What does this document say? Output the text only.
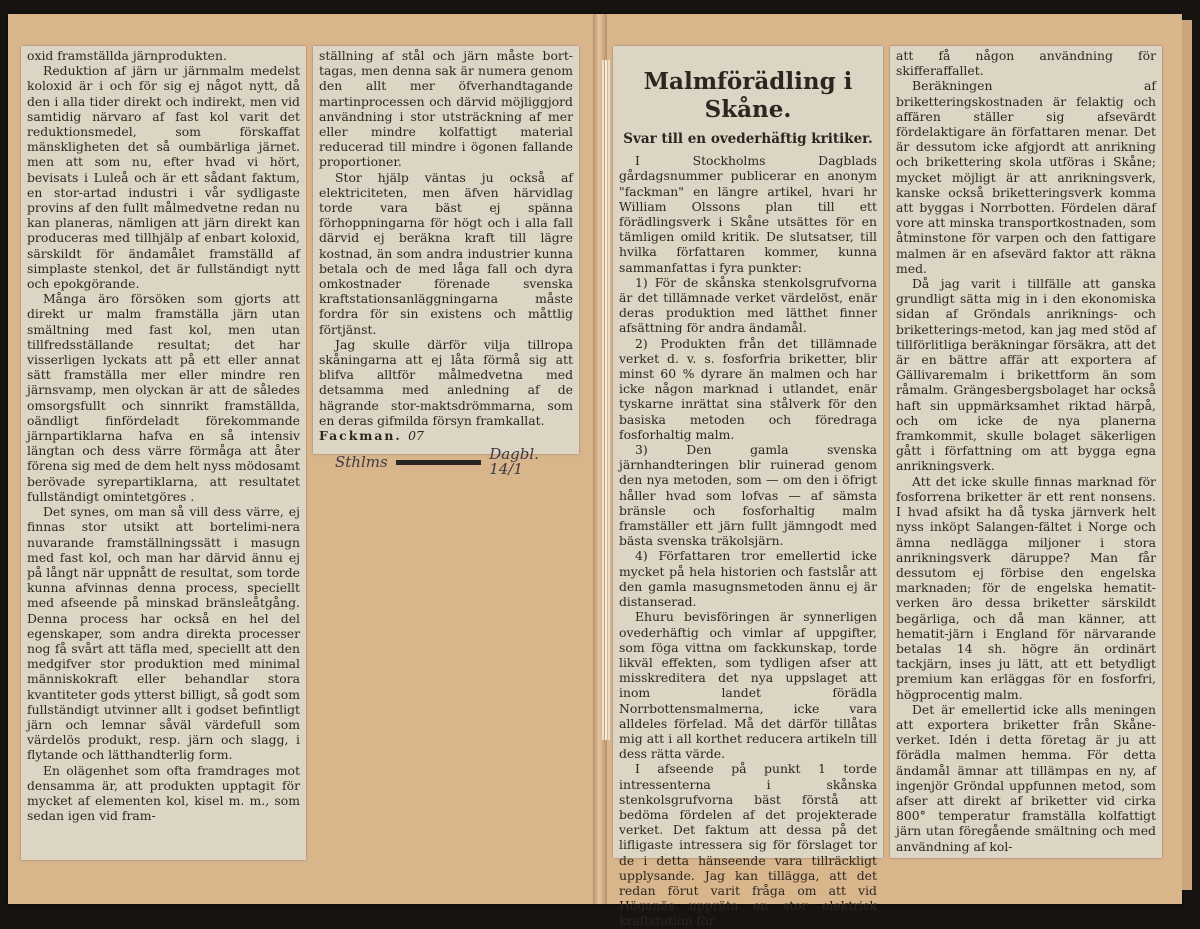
oxid framställda järnprodukten.

Reduktion af järn ur järnmalm medelst koloxid är i och för sig ej något nytt, då den i alla tider direkt och indirekt, men vid samtidig närvaro af fast kol varit det reduktionsmedel, som förskaffat mänskligheten det så oumbärliga järnet. men att som nu, efter hvad vi hört, bevisats i Luleå och är ett sådant faktum, en stor-artad industri i vår sydligaste provins af den fullt målmedvetne redan nu kan planeras, nämligen att järn direkt kan produceras med tillhjälp af enbart koloxid, särskildt för ändamålet framställd af simplaste stenkol, det är fullständigt nytt och epokgörande.

Många äro försöken som gjorts att direkt ur malm framställa järn utan smältning med fast kol, men utan tillfredsställande resultat; det har visserligen lyckats att på ett eller annat sätt framställa mer eller mindre ren järnsvamp, men olyckan är att de således omsorgsfullt och sinnrikt framställda, oändligt finfördeladt förekommande järnpartiklarna hafva en så intensiv längtan och dess värre förmåga att åter förena sig med de dem helt nyss mödosamt berövade syrepartiklarna, att resultatet fullständigt omintetgöres .

Det synes, om man så vill dess värre, ej finnas stor utsikt att bortelimi-nera nuvarande framställningssätt i masugn med fast kol, och man har därvid ännu ej på långt när uppnått de resultat, som torde kunna afvinnas denna process, speciellt med afseende på minskad bränsleåtgång. Denna process har också en hel del egenskaper, som andra direkta processer nog få svårt att täfla med, speciellt att den medgifver stor produktion med minimal människokraft eller behandlar stora kvantiteter gods ytterst billigt, så godt som fullständigt utvinner allt i godset befintligt järn och lemnar såväl värdefull som värdelös produkt, resp. järn och slagg, i flytande och lätthandterlig form.

En olägenhet som ofta framdrages mot densamma är, att produkten upptagit för mycket af elementen kol, kisel m. m., som sedan igen vid fram-

ställning af stål och järn måste bort-tagas, men denna sak är numera genom den allt mer öfverhandtagande martinprocessen och därvid möjliggjord användning i stor utsträckning af mer eller mindre kolfattigt material reducerad till mindre i ögonen fallande proportioner.

Stor hjälp väntas ju också af elektriciteten, men äfven härvidlag torde vara bäst ej spänna förhoppningarna för högt och i alla fall därvid ej beräkna kraft till lägre kostnad, än som andra industrier kunna betala och de med låga fall och dyra omkostnader förenade svenska kraftstationsanläggningarna måste fordra för sin existens och måttlig förtjänst.

Jag skulle därför vilja tillropa skåningarna att ej låta förmå sig att blifva alltför målmedvetna med detsamma med anledning af de hägrande stor-maktsdrömmarna, som en deras gifmilda försyn framkallat.

Fackman. 07

Sthlms	Dagbl. 14/1

Malmförädling i Skåne.

Svar till en ovederhäftig kritiker.

I Stockholms Dagblads gårdagsnummer publicerar en anonym "fackman" en längre artikel, hvari hr William Olssons plan till ett förädlingsverk i Skåne utsättes för en tämligen omild kritik. De slutsatser, till hvilka författaren kommer, kunna sammanfattas i fyra punkter:

1) För de skånska stenkolsgrufvorna är det tillämnade verket värdelöst, enär deras produktion med lätthet finner afsättning för andra ändamål.

2) Produkten från det tillämnade verket d. v. s. fosforfria briketter, blir minst 60 % dyrare än malmen och har icke någon marknad i utlandet, enär tyskarne inrättat sina stålverk för den basiska metoden och föredraga fosforhaltig malm.

3) Den gamla svenska järnhandteringen blir ruinerad genom den nya metoden, som — om den i öfrigt håller hvad som lofvas — af sämsta bränsle och fosforhaltig malm framställer ett järn fullt jämngodt med bästa svenska träkolsjärn.

4) Författaren tror emellertid icke mycket på hela historien och fastslår att den gamla masugnsmetoden ännu ej är distanserad.

Ehuru bevisföringen är synnerligen ovederhäftig och vimlar af uppgifter, som föga vittna om fackkunskap, torde likväl effekten, som tydligen afser att misskreditera det nya uppslaget att inom landet förädla Norrbottensmalmerna, icke vara alldeles förfelad. Må det därför tillåtas mig att i all korthet reducera artikeln till dess rätta värde.

I afseende på punkt 1 torde intressenterna i skånska stenkolsgrufvorna bäst förstå att bedöma fördelen af det projekterade verket. Det faktum att dessa på det lifligaste intressera sig för förslaget tor de i detta hänseende vara tillräckligt upplysande. Jag kan tillägga, att det redan förut varit fråga om att vid Höganäs uppräta en stor elektrisk kraftstation för

att få någon användning för skifferaffallet.

Beräkningen af briketteringskostnaden är felaktig och affären ställer sig afsevärdt fördelaktigare än författaren menar. Det är dessutom icke afgjordt att anrikning och brikettering skola utföras i Skåne; mycket möjligt är att anrikningsverk, kanske också briketteringsverk komma att byggas i Norrbotten. Fördelen däraf vore att minska transportkostnaden, som åtminstone för varpen och den fattigare malmen är en afsevärd faktor att räkna med.

Då jag varit i tillfälle att ganska grundligt sätta mig in i den ekonomiska sidan af Gröndals anriknings- och briketterings-metod, kan jag med stöd af tillförlitliga beräkningar försäkra, att det är en bättre affär att exportera af Gällivaremalm i brikettform än som råmalm. Grängesbergsbolaget har också haft sin uppmärksamhet riktad härpå, och om icke de nya planerna framkommit, skulle bolaget säkerligen gått i författning om att bygga egna anrikningsverk.

Att det icke skulle finnas marknad för fosforrena briketter är ett rent nonsens. I hvad afsikt ha då tyska järnverk helt nyss inköpt Salangen-fältet i Norge och ämna nedlägga miljoner i stora anrikningsverk däruppe? Man får dessutom ej förbise den engelska marknaden; för de engelska hematit-verken äro dessa briketter särskildt begärliga, och då man känner, att hematit-järn i England för närvarande betalas 14 sh. högre än ordinärt tackjärn, inses ju lätt, att ett betydligt premium kan erläggas för en fosforfri, högprocentig malm.

Det är emellertid icke alls meningen att exportera briketter från Skåne-verket. Idén i detta företag är ju att förädla malmen hemma. För detta ändamål ämnar att tillämpas en ny, af ingenjör Gröndal uppfunnen metod, som afser att direkt af briketter vid cirka 800° temperatur framställa kolfattigt järn utan föregående smältning och med användning af kol-
